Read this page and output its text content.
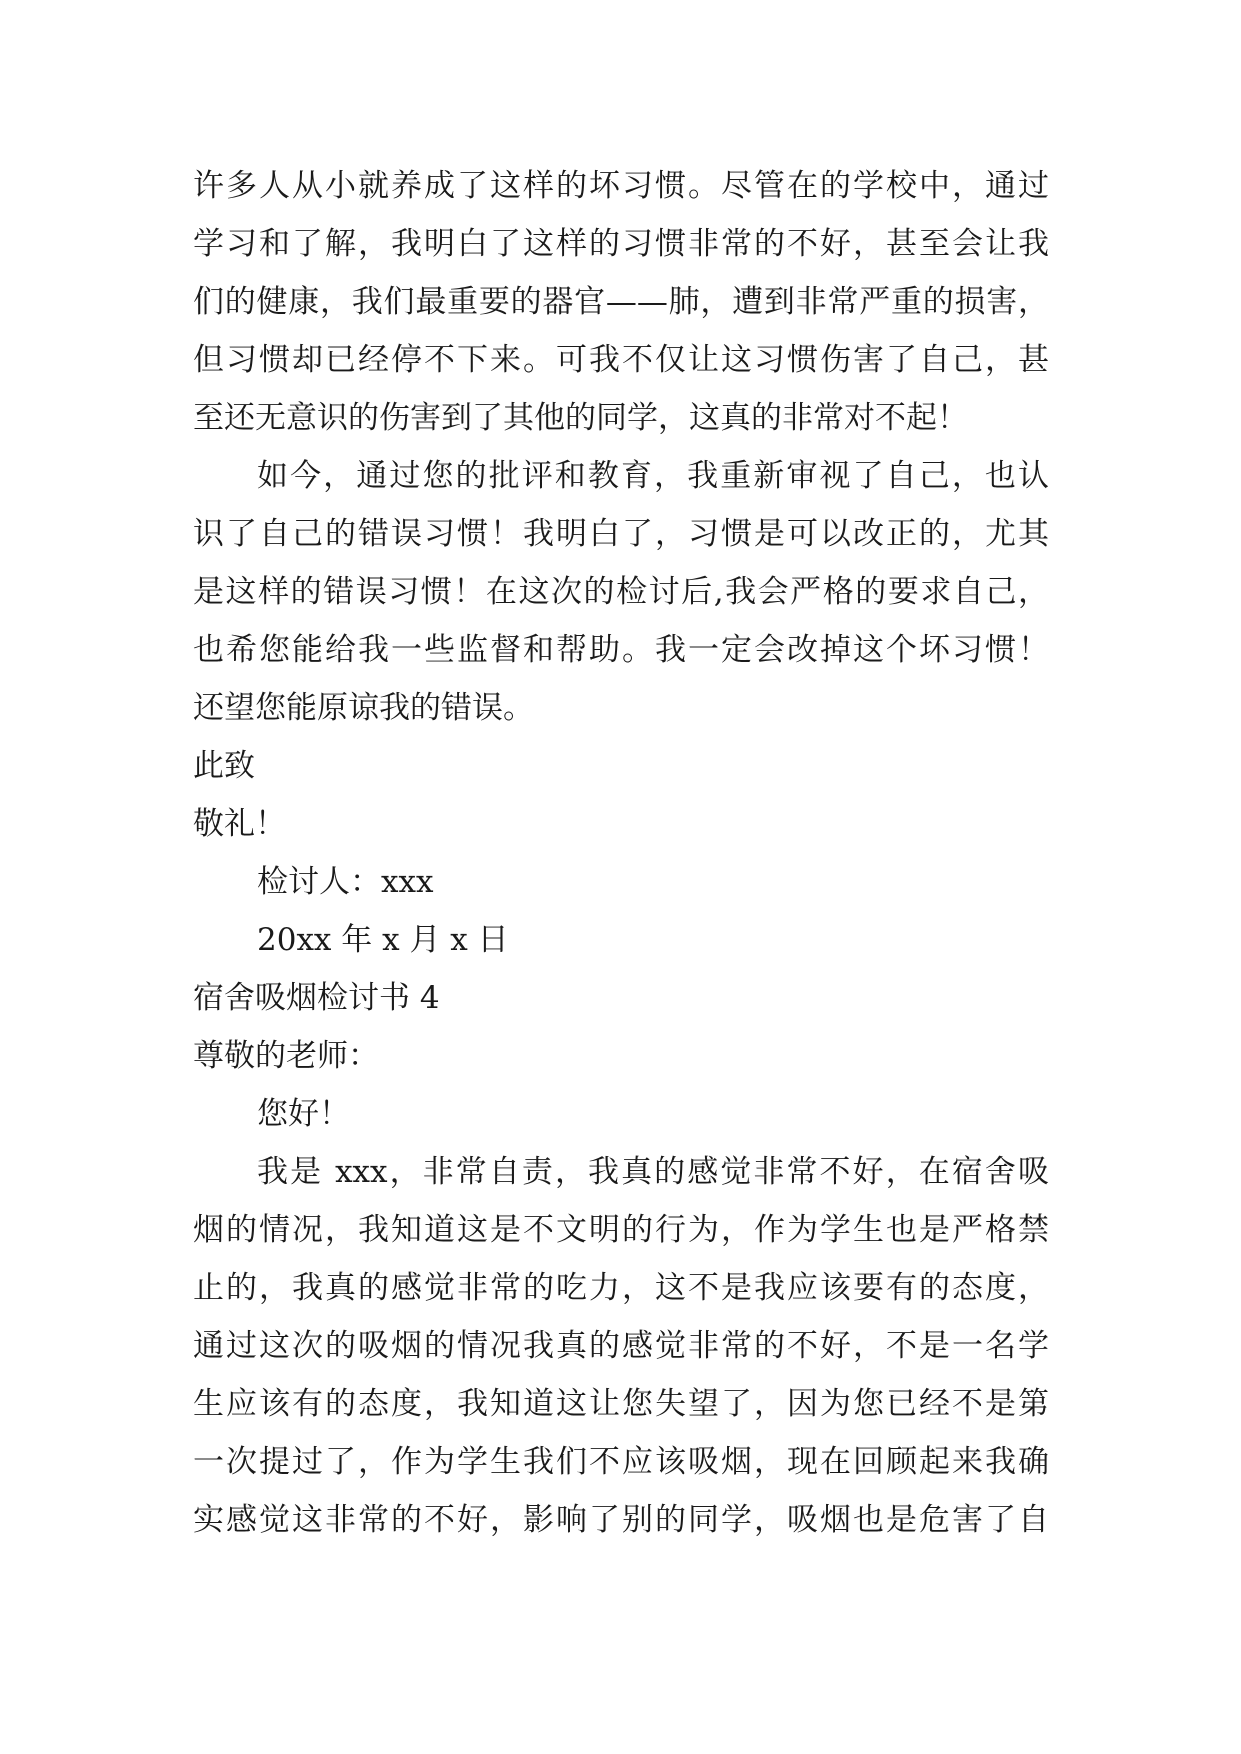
许多人从小就养成了这样的坏习惯。尽管在的学校中，通过
学习和了解，我明白了这样的习惯非常的不好，甚至会让我
们的健康，我们最重要的器官——肺，遭到非常严重的损害，
但习惯却已经停不下来。可我不仅让这习惯伤害了自己，甚
至还无意识的伤害到了其他的同学，这真的非常对不起！
如今，通过您的批评和教育，我重新审视了自己，也认
识了自己的错误习惯！我明白了，习惯是可以改正的，尤其
是这样的错误习惯！在这次的检讨后,我会严格的要求自己，
也希您能给我一些监督和帮助。我一定会改掉这个坏习惯！
还望您能原谅我的错误。
此致
敬礼！
检讨人：xxx
20xx 年 x 月 x 日
宿舍吸烟检讨书 4
尊敬的老师：
您好！
我是 xxx，非常自责，我真的感觉非常不好，在宿舍吸
烟的情况，我知道这是不文明的行为，作为学生也是严格禁
止的，我真的感觉非常的吃力，这不是我应该要有的态度，
通过这次的吸烟的情况我真的感觉非常的不好，不是一名学
生应该有的态度，我知道这让您失望了，因为您已经不是第
一次提过了，作为学生我们不应该吸烟，现在回顾起来我确
实感觉这非常的不好，影响了别的同学，吸烟也是危害了自
